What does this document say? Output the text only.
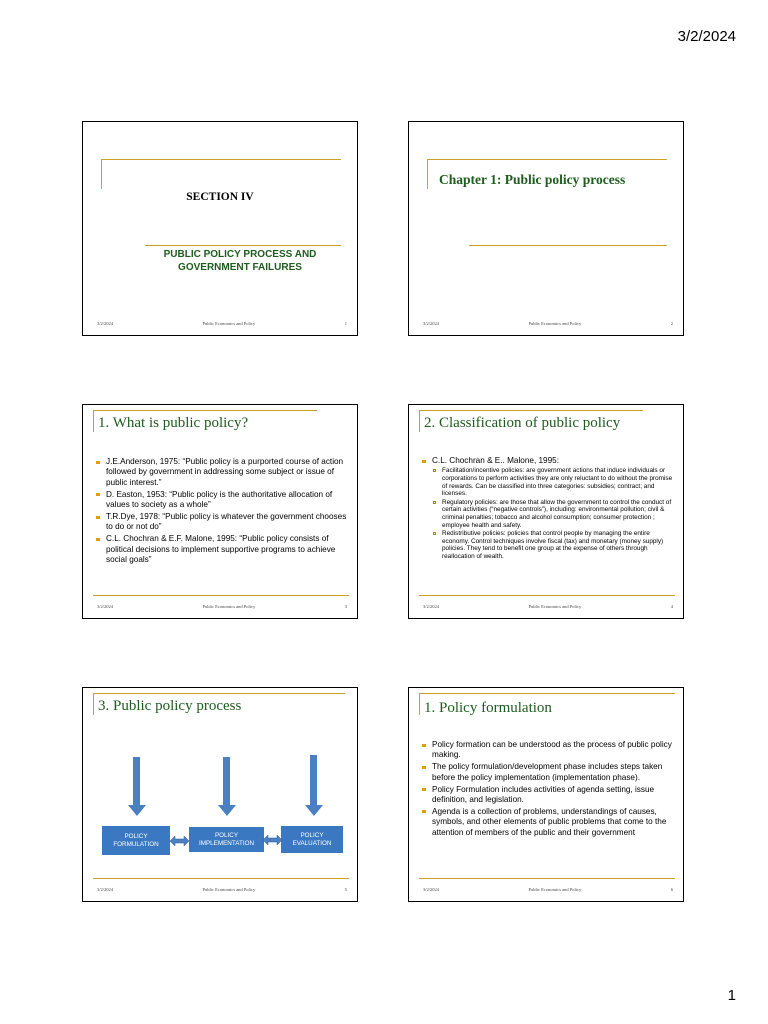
3/2/2024
SECTION IV
PUBLIC POLICY PROCESS AND GOVERNMENT FAILURES
3/2/2024	Public Economics and Policy	1
Chapter 1: Public policy process
3/2/2024	Public Economics and Policy	2
1. What is public policy?
J.E.Anderson, 1975: “Public policy is a purported course of action followed by government in addressing some subject or issue of public interest.”
D. Easton, 1953: “Public policy is the authoritative allocation of values to society as a whole”
T.R.Dye, 1978: “Public policy is whatever the government chooses to do or not do”
C.L. Chochran & E.F. Malone, 1995: “Public policy consists of political decisions to implement supportive programs to achieve social goals”
3/2/2024	Public Economics and Policy	3
2. Classification of public policy
C.L. Chochran & E.. Malone, 1995:
Facilitation/incentive policies: are government actions that induce individuals or corporations to perform activities they are only reluctant to do without the promise of rewards. Can be classified into three categories: subsidies; contract; and licenses.
Regulatory policies: are those that allow the government to control the conduct of certain activities (“negative controls”), including: environmental pollution; civil & criminal penalties; tobacco and alcohol consumption; consumer protection ; employee health and safety.
Redistributive policies: policies that control people by managing the entire economy. Control techniques involve fiscal (tax) and monetary (money supply) policies. They tend to benefit one group at the expense of others through reallocation of wealth.
3/2/2024	Public Economics and Policy	4
3. Public policy process
POLICY FORMULATION
POLICY IMPLEMENTATION
POLICY EVALUATION
3/2/2024	Public Economics and Policy	5
1. Policy formulation
Policy formation can be understood as the process of public policy making.
The policy formulation/development phase includes steps taken before the policy implementation (implementation phase).
Policy Formulation includes activities of agenda setting, issue definition, and legislation.
Agenda is a collection of problems, understandings of causes, symbols, and other elements of public problems that come to the attention of members of the public and their government
3/2/2024	Public Economics and Policy	6
1
